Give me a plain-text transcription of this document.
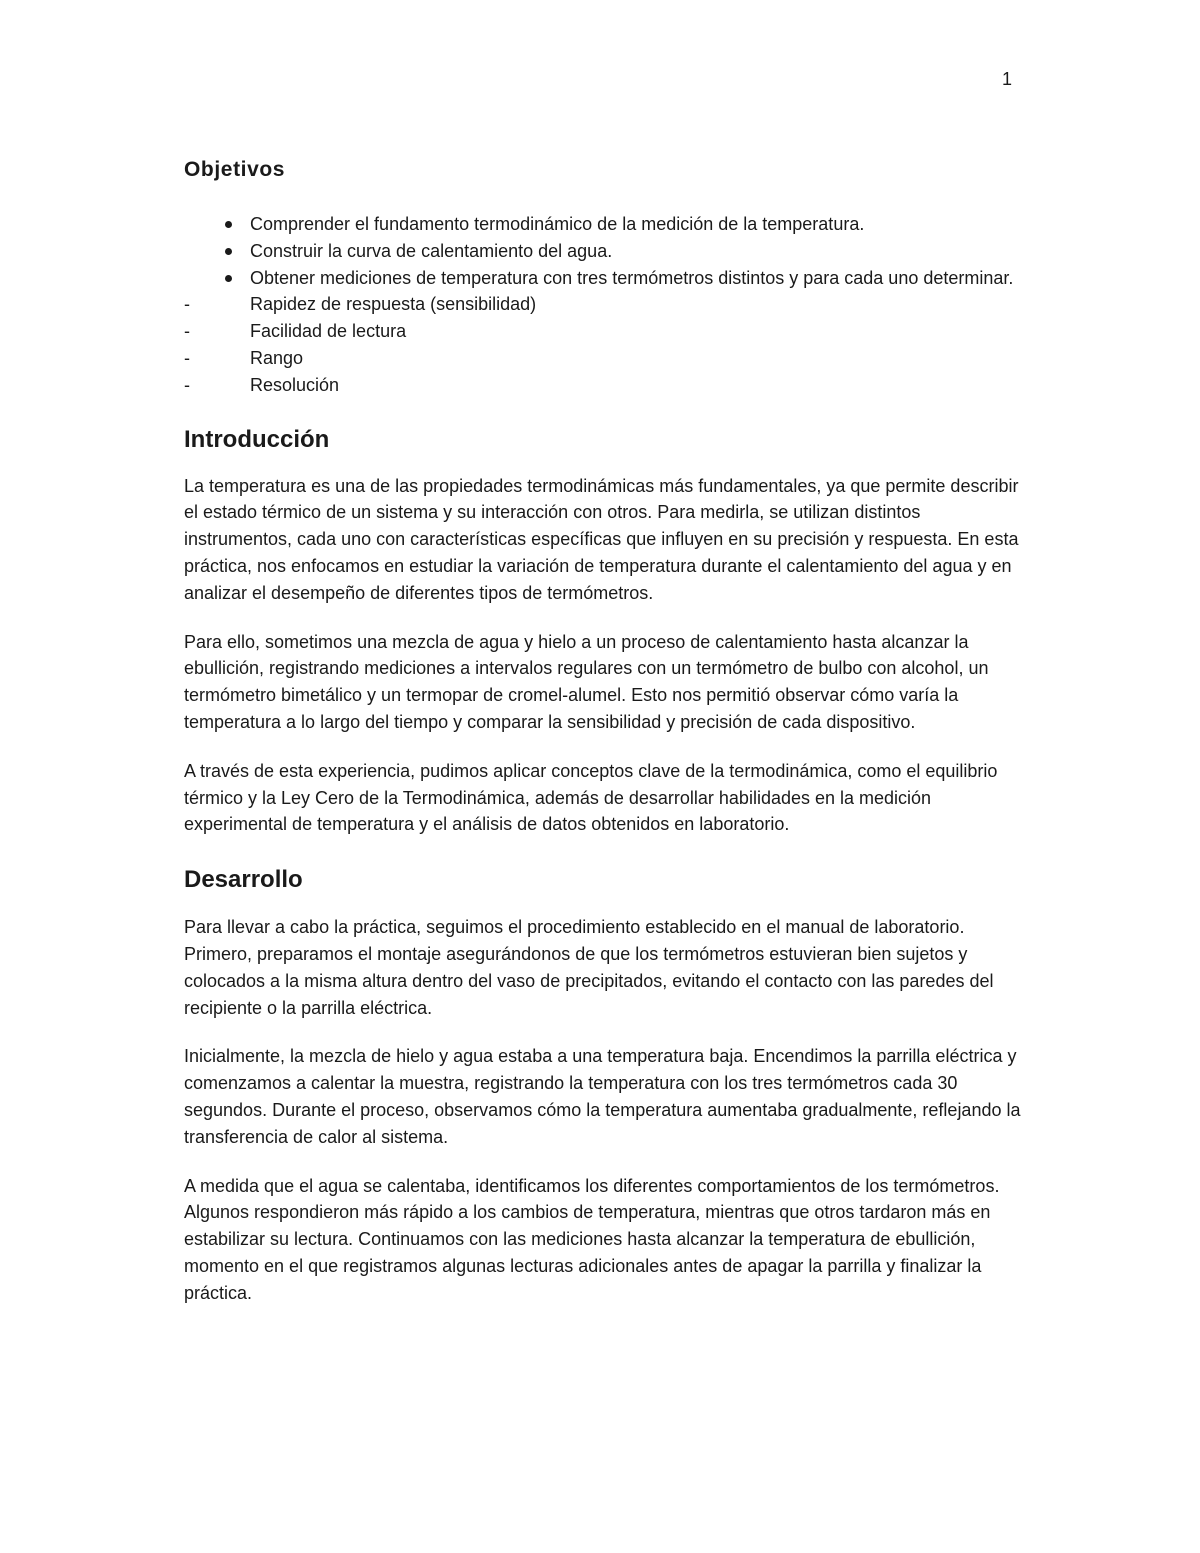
1
Objetivos
Comprender el fundamento termodinámico de la medición de la temperatura.
Construir la curva de calentamiento del agua.
Obtener mediciones de temperatura con tres termómetros distintos y para cada uno determinar.
-	Rapidez de respuesta (sensibilidad)
-	Facilidad de lectura
-	Rango
-	Resolución
Introducción

La temperatura es una de las propiedades termodinámicas más fundamentales, ya que permite describir el estado térmico de un sistema y su interacción con otros. Para medirla, se utilizan distintos instrumentos, cada uno con características específicas que influyen en su precisión y respuesta. En esta práctica, nos enfocamos en estudiar la variación de temperatura durante el calentamiento del agua y en analizar el desempeño de diferentes tipos de termómetros.

Para ello, sometimos una mezcla de agua y hielo a un proceso de calentamiento hasta alcanzar la ebullición, registrando mediciones a intervalos regulares con un termómetro de bulbo con alcohol, un termómetro bimetálico y un termopar de cromel-alumel. Esto nos permitió observar cómo varía la temperatura a lo largo del tiempo y comparar la sensibilidad y precisión de cada dispositivo.

A través de esta experiencia, pudimos aplicar conceptos clave de la termodinámica, como el equilibrio térmico y la Ley Cero de la Termodinámica, además de desarrollar habilidades en la medición experimental de temperatura y el análisis de datos obtenidos en laboratorio.

Desarrollo

Para llevar a cabo la práctica, seguimos el procedimiento establecido en el manual de laboratorio. Primero, preparamos el montaje asegurándonos de que los termómetros estuvieran bien sujetos y colocados a la misma altura dentro del vaso de precipitados, evitando el contacto con las paredes del recipiente o la parrilla eléctrica.

Inicialmente, la mezcla de hielo y agua estaba a una temperatura baja. Encendimos la parrilla eléctrica y comenzamos a calentar la muestra, registrando la temperatura con los tres termómetros cada 30 segundos. Durante el proceso, observamos cómo la temperatura aumentaba gradualmente, reflejando la transferencia de calor al sistema.

A medida que el agua se calentaba, identificamos los diferentes comportamientos de los termómetros. Algunos respondieron más rápido a los cambios de temperatura, mientras que otros tardaron más en estabilizar su lectura. Continuamos con las mediciones hasta alcanzar la temperatura de ebullición, momento en el que registramos algunas lecturas adicionales antes de apagar la parrilla y finalizar la práctica.
